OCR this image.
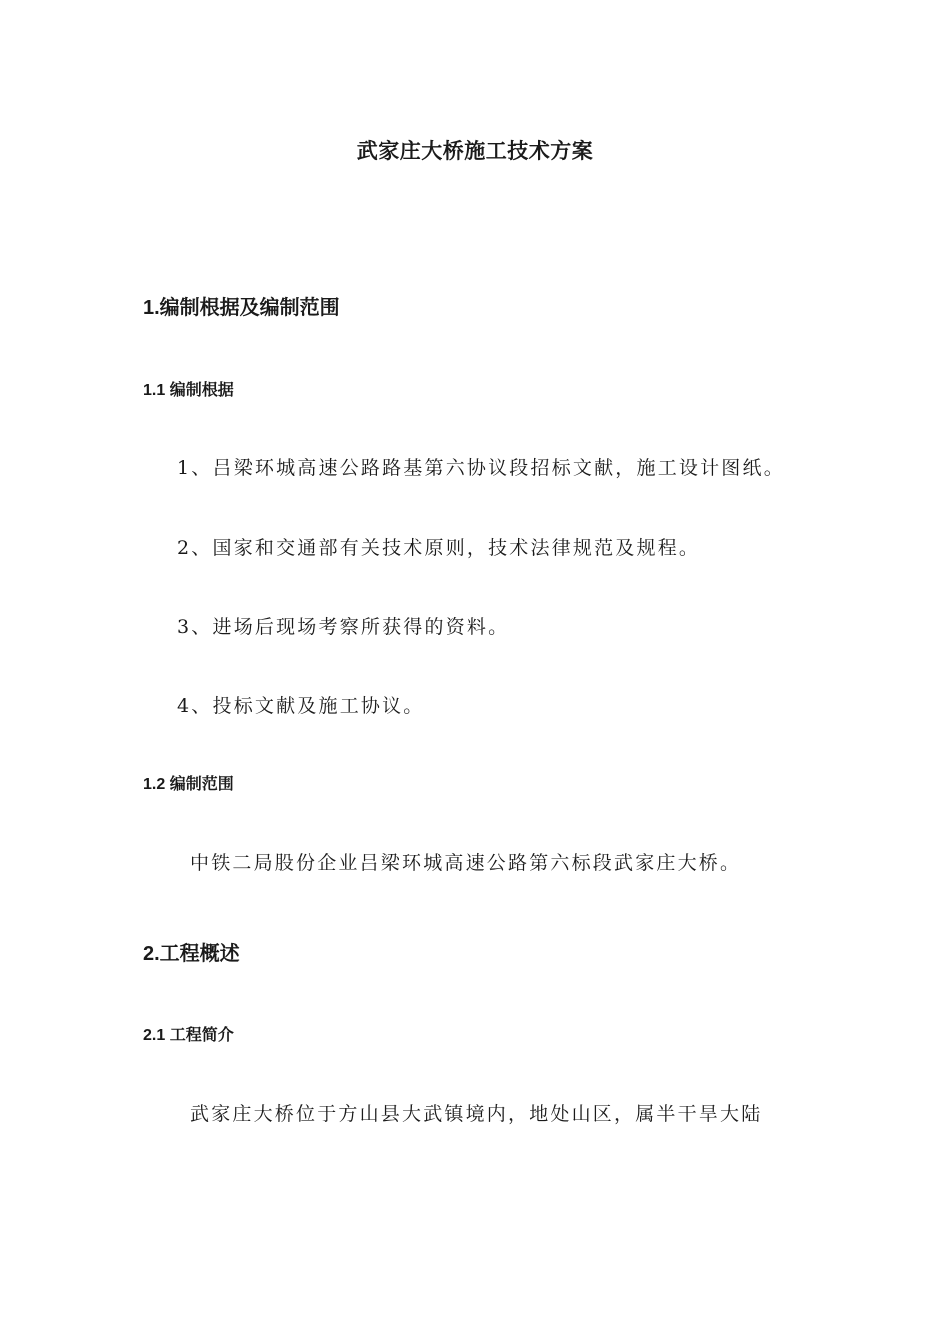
武家庄大桥施工技术方案
1.编制根据及编制范围
1.1 编制根据
1、吕梁环城高速公路路基第六协议段招标文献，施工设计图纸。
2、国家和交通部有关技术原则，技术法律规范及规程。
3、进场后现场考察所获得的资料。
4、投标文献及施工协议。
1.2 编制范围
中铁二局股份企业吕梁环城高速公路第六标段武家庄大桥。
2.工程概述
2.1 工程简介
武家庄大桥位于方山县大武镇境内，地处山区，属半干旱大陆
